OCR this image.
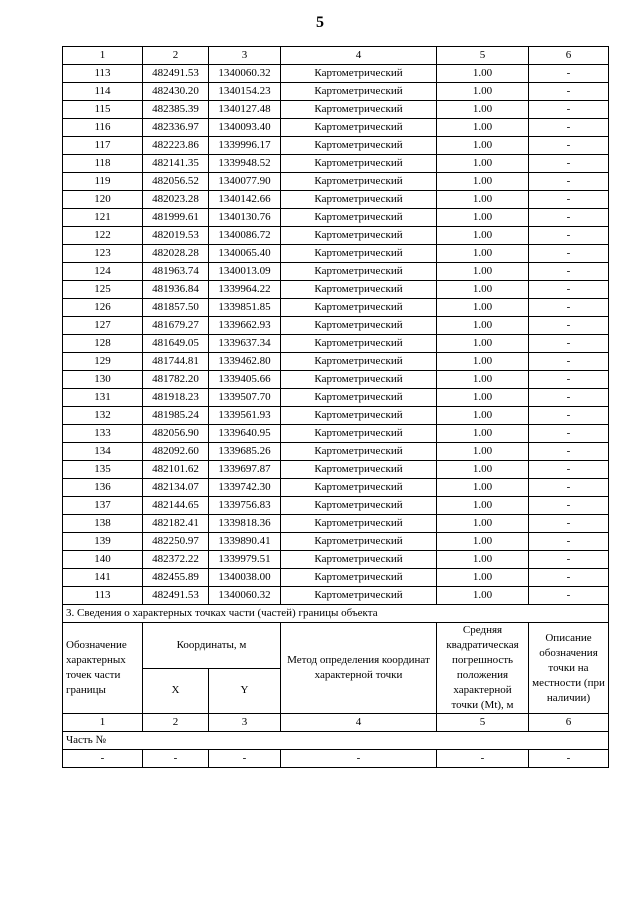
5
1	2	3	4	5	6
113	482491.53	1340060.32	Картометрический	1.00	-
114	482430.20	1340154.23	Картометрический	1.00	-
115	482385.39	1340127.48	Картометрический	1.00	-
116	482336.97	1340093.40	Картометрический	1.00	-
117	482223.86	1339996.17	Картометрический	1.00	-
118	482141.35	1339948.52	Картометрический	1.00	-
119	482056.52	1340077.90	Картометрический	1.00	-
120	482023.28	1340142.66	Картометрический	1.00	-
121	481999.61	1340130.76	Картометрический	1.00	-
122	482019.53	1340086.72	Картометрический	1.00	-
123	482028.28	1340065.40	Картометрический	1.00	-
124	481963.74	1340013.09	Картометрический	1.00	-
125	481936.84	1339964.22	Картометрический	1.00	-
126	481857.50	1339851.85	Картометрический	1.00	-
127	481679.27	1339662.93	Картометрический	1.00	-
128	481649.05	1339637.34	Картометрический	1.00	-
129	481744.81	1339462.80	Картометрический	1.00	-
130	481782.20	1339405.66	Картометрический	1.00	-
131	481918.23	1339507.70	Картометрический	1.00	-
132	481985.24	1339561.93	Картометрический	1.00	-
133	482056.90	1339640.95	Картометрический	1.00	-
134	482092.60	1339685.26	Картометрический	1.00	-
135	482101.62	1339697.87	Картометрический	1.00	-
136	482134.07	1339742.30	Картометрический	1.00	-
137	482144.65	1339756.83	Картометрический	1.00	-
138	482182.41	1339818.36	Картометрический	1.00	-
139	482250.97	1339890.41	Картометрический	1.00	-
140	482372.22	1339979.51	Картометрический	1.00	-
141	482455.89	1340038.00	Картометрический	1.00	-
113	482491.53	1340060.32	Картометрический	1.00	-
3. Сведения о характерных точках части (частей) границы объекта					
Обозначение характерных точек части границы	Координаты, м		Метод определения координат характерной точки	Средняя квадратическая погрешность положения характерной точки (Mt), м	Описание обозначения точки на местности (при наличии)
	X	Y			
1	2	3	4	5	6
Часть №					
-	-	-	-	-	-
